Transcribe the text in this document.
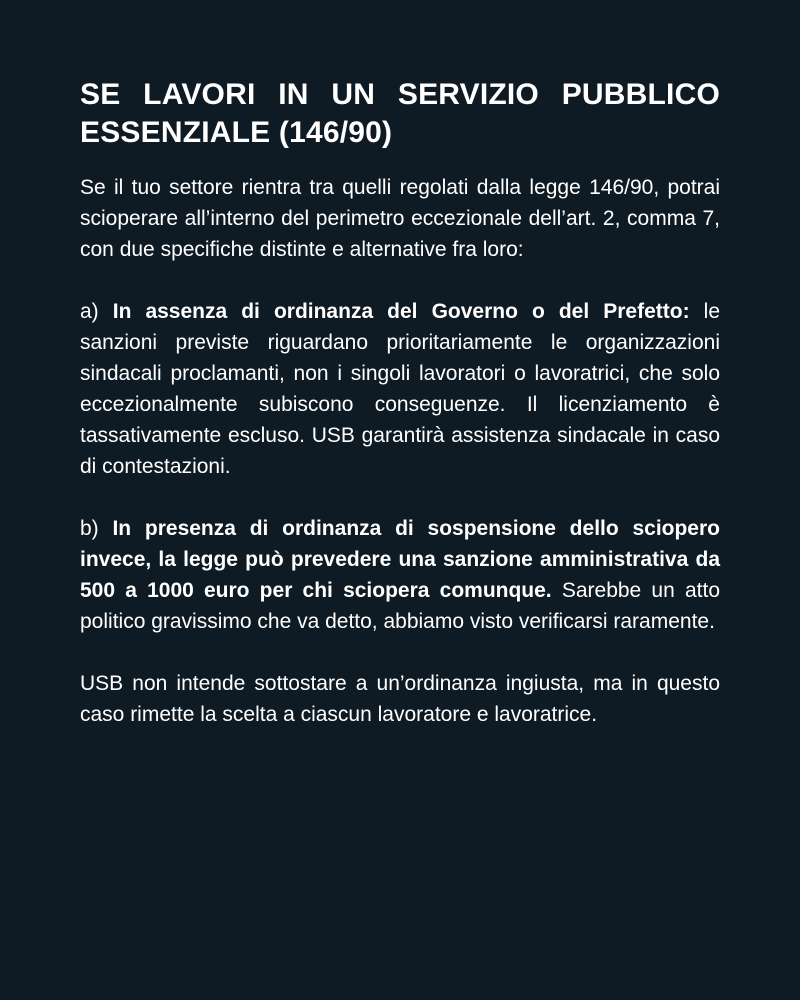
SE LAVORI IN UN SERVIZIO PUBBLICO
ESSENZIALE (146/90)

Se il tuo settore rientra tra quelli regolati dalla legge 146/90, potrai scioperare all’interno del perimetro eccezionale dell’art. 2, comma 7, con due specifiche distinte e alternative fra loro:

a) In assenza di ordinanza del Governo o del Prefetto: le sanzioni previste riguardano prioritariamente le organizzazioni sindacali proclamanti, non i singoli lavoratori o lavoratrici, che solo eccezionalmente subiscono conseguenze. Il licenziamento è tassativamente escluso. USB garantirà assistenza sindacale in caso di contestazioni.

b) In presenza di ordinanza di sospensione dello sciopero invece, la legge può prevedere una sanzione amministrativa da 500 a 1000 euro per chi sciopera comunque. Sarebbe un atto politico gravissimo che va detto, abbiamo visto verificarsi raramente.

USB non intende sottostare a un’ordinanza ingiusta, ma in questo caso rimette la scelta a ciascun lavoratore e lavoratrice.
